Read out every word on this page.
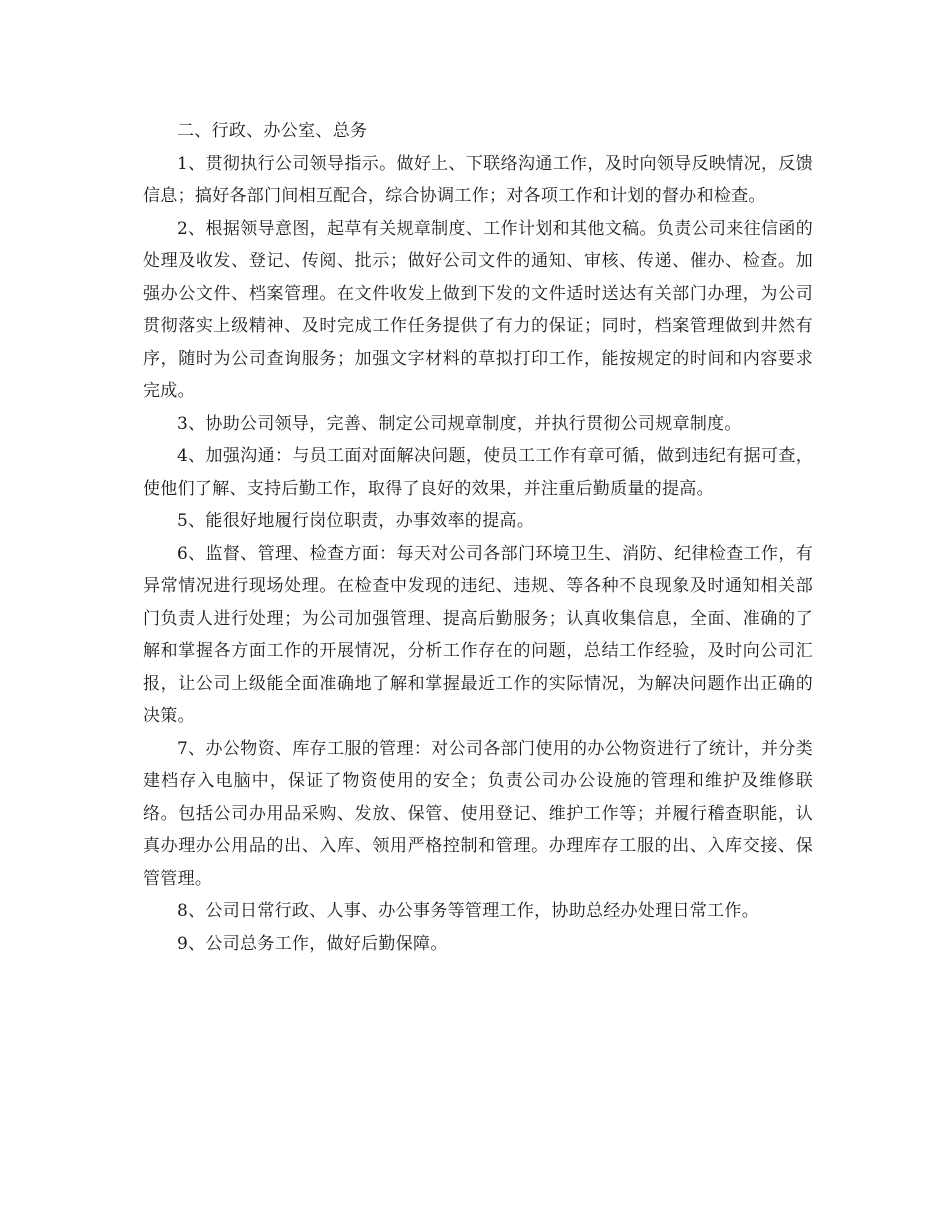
二、行政、办公室、总务

1、贯彻执行公司领导指示。做好上、下联络沟通工作，及时向领导反映情况，反馈信息；搞好各部门间相互配合，综合协调工作；对各项工作和计划的督办和检查。

2、根据领导意图，起草有关规章制度、工作计划和其他文稿。负责公司来往信函的处理及收发、登记、传阅、批示；做好公司文件的通知、审核、传递、催办、检查。加强办公文件、档案管理。在文件收发上做到下发的文件适时送达有关部门办理，为公司贯彻落实上级精神、及时完成工作任务提供了有力的保证；同时，档案管理做到井然有序，随时为公司查询服务；加强文字材料的草拟打印工作，能按规定的时间和内容要求完成。

3、协助公司领导，完善、制定公司规章制度，并执行贯彻公司规章制度。

4、加强沟通：与员工面对面解决问题，使员工工作有章可循，做到违纪有据可查，使他们了解、支持后勤工作，取得了良好的效果，并注重后勤质量的提高。

5、能很好地履行岗位职责，办事效率的提高。

6、监督、管理、检查方面：每天对公司各部门环境卫生、消防、纪律检查工作，有异常情况进行现场处理。在检查中发现的违纪、违规、等各种不良现象及时通知相关部门负责人进行处理；为公司加强管理、提高后勤服务；认真收集信息，全面、准确的了解和掌握各方面工作的开展情况，分析工作存在的问题，总结工作经验，及时向公司汇报，让公司上级能全面准确地了解和掌握最近工作的实际情况，为解决问题作出正确的决策。

7、办公物资、库存工服的管理：对公司各部门使用的办公物资进行了统计，并分类建档存入电脑中，保证了物资使用的安全；负责公司办公设施的管理和维护及维修联络。包括公司办用品采购、发放、保管、使用登记、维护工作等；并履行稽查职能，认真办理办公用品的出、入库、领用严格控制和管理。办理库存工服的出、入库交接、保管管理。

8、公司日常行政、人事、办公事务等管理工作，协助总经办处理日常工作。

9、公司总务工作，做好后勤保障。
